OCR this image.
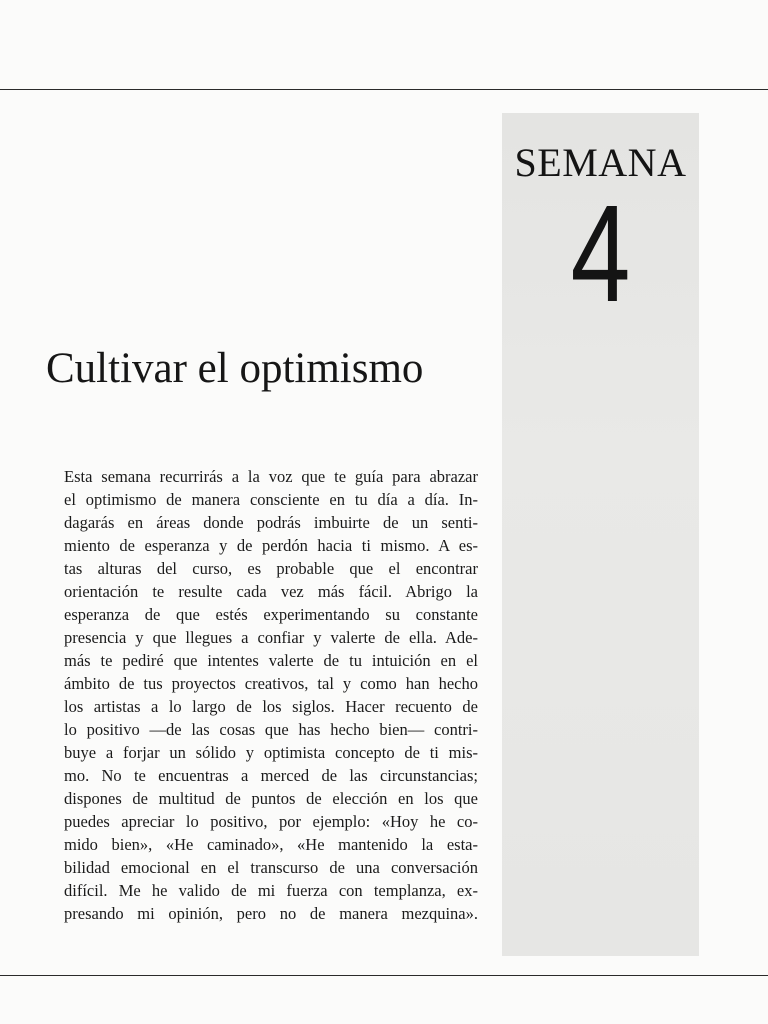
SEMANA
4
Cultivar el optimismo

Esta semana recurrirás a la voz que te guía para abrazar
el optimismo de manera consciente en tu día a día. In-
dagarás en áreas donde podrás imbuirte de un senti-
miento de esperanza y de perdón hacia ti mismo. A es-
tas alturas del curso, es probable que el encontrar
orientación te resulte cada vez más fácil. Abrigo la
esperanza de que estés experimentando su constante
presencia y que llegues a confiar y valerte de ella. Ade-
más te pediré que intentes valerte de tu intuición en el
ámbito de tus proyectos creativos, tal y como han hecho
los artistas a lo largo de los siglos. Hacer recuento de
lo positivo —de las cosas que has hecho bien— contri-
buye a forjar un sólido y optimista concepto de ti mis-
mo. No te encuentras a merced de las circunstancias;
dispones de multitud de puntos de elección en los que
puedes apreciar lo positivo, por ejemplo: «Hoy he co-
mido bien», «He caminado», «He mantenido la esta-
bilidad emocional en el transcurso de una conversación
difícil. Me he valido de mi fuerza con templanza, ex-
presando mi opinión, pero no de manera mezquina».
